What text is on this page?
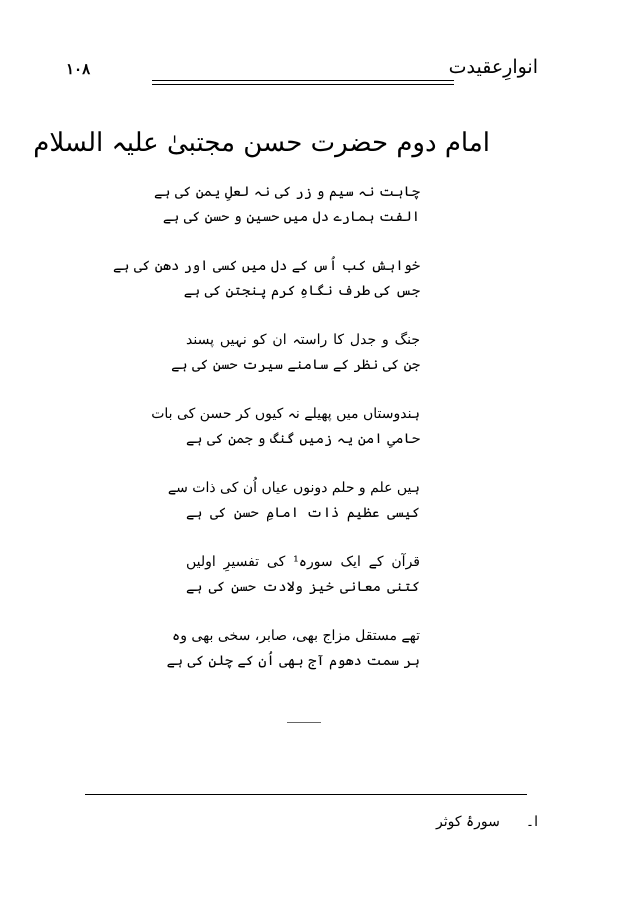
انوارِعقیدت
۱۰۸
امام دوم حضرت حسن مجتبیٰ علیہ السلام
چاہت نہ سیم و زر کی نہ لعلِ یمن کی ہے
الفت ہمارے دل میں حسین و حسن کی ہے
خواہش کب اُس کے دل میں کسی اور دھن کی ہے
جس کی طرف نگاہِ کرم پنجتن کی ہے
جنگ و جدل کا راستہ ان کو نہیں پسند
جن کی نظر کے سامنے سیرت حسن کی ہے
ہندوستاں میں پھیلے نہ کیوں کر حسن کی بات
حامیِ امن یہ زمیں گنگ و جمن کی ہے
ہیں علم و حلم دونوں عیاں اُن کی ذات سے
کیسی عظیم ذات امامِ حسن کی ہے
قرآن کے ایک سورہ¹ کی تفسیرِ اولیں
کتنی معانی خیز ولادت حسن کی ہے
تھے مستقل مزاج بھی، صابر، سخی بھی وہ
ہر سمت دھوم آج بھی اُن کے چلن کی ہے
ا۔سورۂ کوثر
